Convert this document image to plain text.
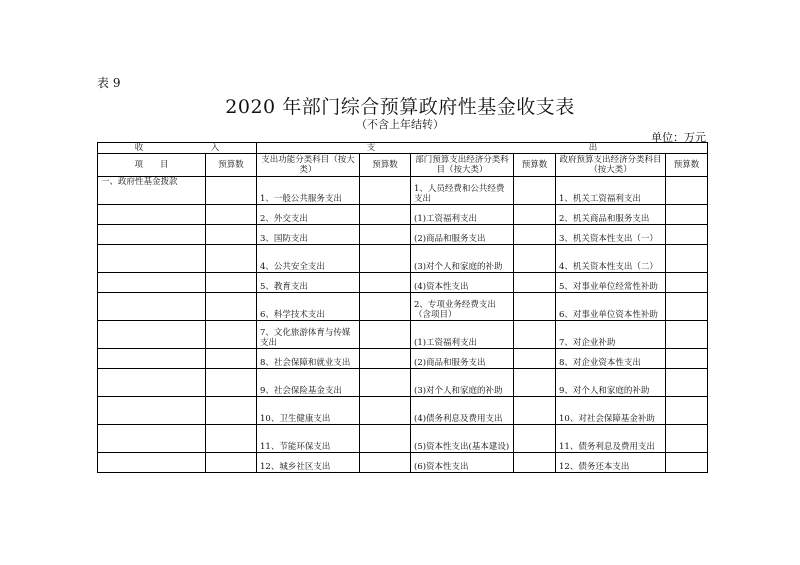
表 9
2020 年部门综合预算政府性基金收支表
（不含上年结转）
单位：万元
收 入		支 出					

项　　目	预算数	支出功能分类科目（按大类）	预算数	部门预算支出经济分类科目（按大类）	预算数	政府预算支出经济分类科目（按大类）	预算数
一、政府性基金拨款		1、一般公共服务支出		1、人员经费和公共经费支出		1、机关工资福利支出	
		2、外交支出		(1)工资福利支出		2、机关商品和服务支出	
		3、国防支出		(2)商品和服务支出		3、机关资本性支出（一）	
		4、公共安全支出		(3)对个人和家庭的补助		4、机关资本性支出（二）	
		5、教育支出		(4)资本性支出		5、对事业单位经常性补助	
		6、科学技术支出		2、专项业务经费支出（含项目）		6、对事业单位资本性补助	
		7、文化旅游体育与传媒支出		(1)工资福利支出		7、对企业补助	
		8、社会保障和就业支出		(2)商品和服务支出		8、对企业资本性支出	
		9、社会保险基金支出		(3)对个人和家庭的补助		9、对个人和家庭的补助	
		10、卫生健康支出		(4)债务利息及费用支出		10、对社会保障基金补助	
		11、节能环保支出		(5)资本性支出(基本建设)		11、债务利息及费用支出	
		12、城乡社区支出		(6)资本性支出		12、债务还本支出	
